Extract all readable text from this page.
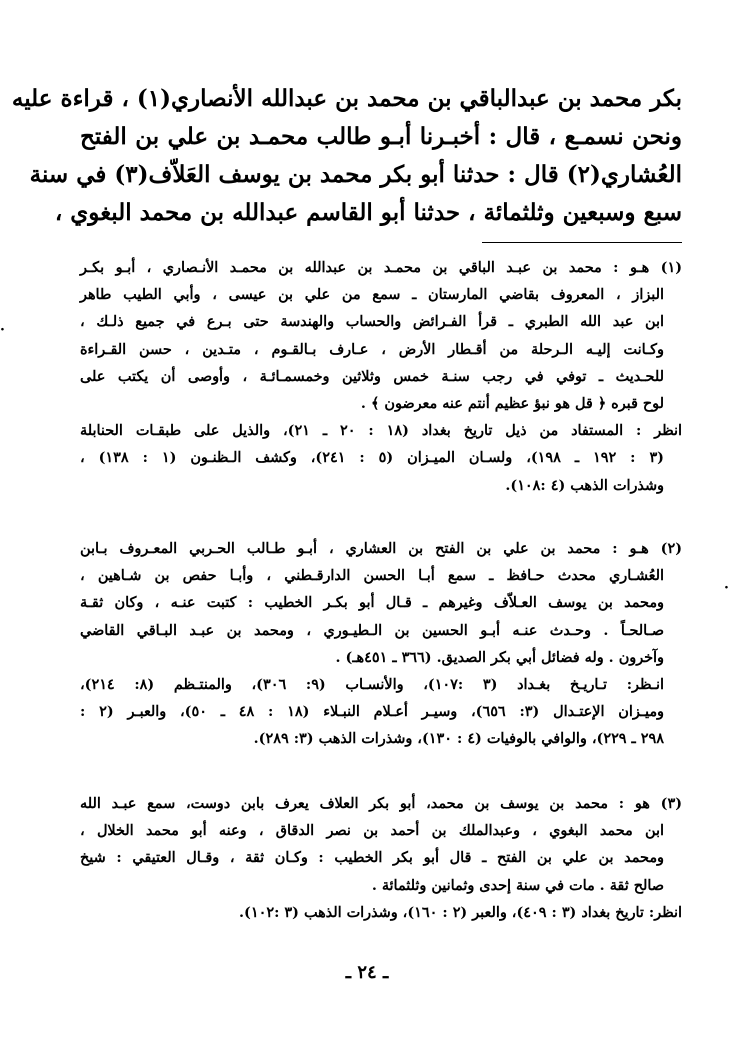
بكر محمد بن عبدالباقي بن محمد بن عبدالله الأنصاري(١) ، قراءة عليه
ونحن نسمـع ، قال : أخبـرنا أبـو طالب محمـد بن علي بن الفتح
العُشاري(٢) قال : حدثنا أبو بكر محمد بن يوسف العَلاّف(٣) في سنة
سبع وسبعين وثلثمائة ، حدثنا أبو القاسم عبدالله بن محمد البغوي ،
(١) هـو : محمد بن عبـد الباقي بن محمـد بن عبدالله بن محمـد الأنـصاري ، أبـو بكـر
البزاز ، المعروف بقاضي المارستان ـ سمع من علي بن عيسى ، وأبي الطيب طاهر
ابن عبد الله الطبري ـ قرأ الفـرائض والحساب والهندسة حتى بـرع في جميع ذلـك ،
وكـانت إليـه الـرحلة من أقـطار الأرض ، عـارف بـالقـوم ، متـدين ، حسن القـراءة
للحـديث ـ توفي في رجب سنـة خمس وثلاثين وخمسمـائـة ، وأوصى أن يكتب على
لوح قبره ﴿ قل هو نبؤ عظيم أنتم عنه معرضون ﴾ .
انظر : المستفاد من ذيل تاريخ بغداد (١٨ : ٢٠ ـ ٢١)، والذيل على طبقـات الحنابلة
(٣ : ١٩٢ ـ ١٩٨)، ولسـان الميـزان (٥ : ٢٤١)، وكشف الـظنـون (١ : ١٣٨) ،
وشذرات الذهب (٤ :١٠٨).
(٢) هـو : محمد بن علي بن الفتح بن العشاري ، أبـو طـالب الحـربي المعـروف بـابن
العُشـاري محدث حـافظ ـ سمع أبـا الحسن الدارقـطني ، وأبـا حفص بن شـاهين ،
ومحمد بن يوسف العـلاّف وغيرهم ـ قـال أبو بكـر الخطيب : كتبت عنـه ، وكان ثقـة
صـالحـاً . وحـدث عنـه أبـو الحسين بن الـطيـوري ، ومحمد بن عبـد البـاقي القاضي
وآخرون . وله فضائل أبي بكر الصديق. (٣٦٦ ـ ٤٥١هـ) .
انـظر: تـاريـخ بغـداد (٣ :١٠٧)، والأنسـاب (٩: ٣٠٦)، والمنتـظم (٨: ٢١٤)،
وميـزان الإعتـدال (٣: ٦٥٦)، وسيـر أعـلام النبـلاء (١٨ : ٤٨ ـ ٥٠)، والعبـر (٢ :
٢٩٨ ـ ٢٢٩)، والوافي بالوفيات (٤ : ١٣٠)، وشذرات الذهب (٣: ٢٨٩).
(٣) هو : محمد بن يوسف بن محمد، أبو بكر العلاف يعرف بابن دوست، سمع عبـد الله
ابن محمد البغوي ، وعبدالملك بن أحمد بن نصر الدقاق ، وعنه أبو محمد الخلال ،
ومحمد بن علي بن الفتح ـ قال أبو بكر الخطيب : وكـان ثقة ، وقـال العتيقي : شيخ
صالح ثقة . مات في سنة إحدى وثمانين وثلثمائة .
انظر: تاريخ بغداد (٣ : ٤٠٩)، والعبر (٢ : ١٦٠)، وشذرات الذهب (٣ :١٠٢).
ـ ٢٤ ـ
·
·
